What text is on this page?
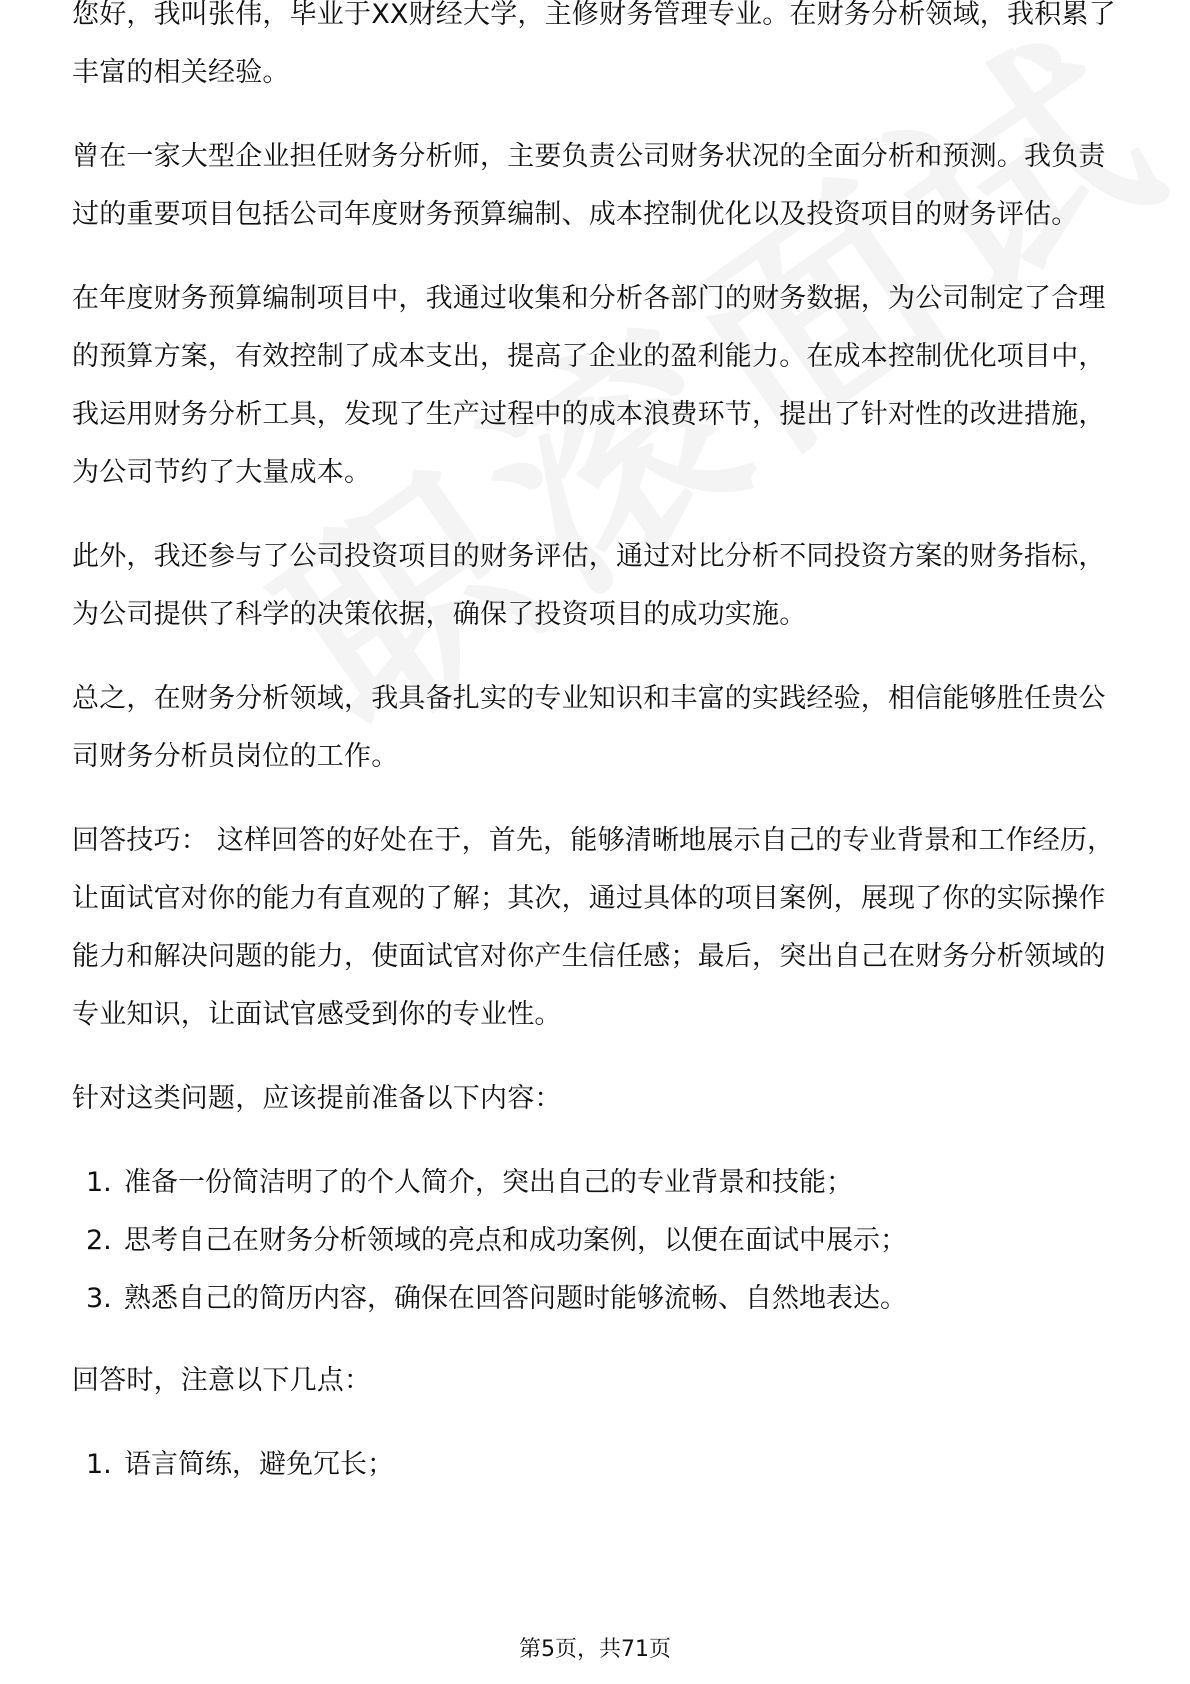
您好，我叫张伟，毕业于XX财经大学，主修财务管理专业。在财务分析领域，我积累了丰富的相关经验。

曾在一家大型企业担任财务分析师，主要负责公司财务状况的全面分析和预测。我负责过的重要项目包括公司年度财务预算编制、成本控制优化以及投资项目的财务评估。

在年度财务预算编制项目中，我通过收集和分析各部门的财务数据，为公司制定了合理的预算方案，有效控制了成本支出，提高了企业的盈利能力。在成本控制优化项目中，我运用财务分析工具，发现了生产过程中的成本浪费环节，提出了针对性的改进措施，为公司节约了大量成本。

此外，我还参与了公司投资项目的财务评估，通过对比分析不同投资方案的财务指标，为公司提供了科学的决策依据，确保了投资项目的成功实施。

总之，在财务分析领域，我具备扎实的专业知识和丰富的实践经验，相信能够胜任贵公司财务分析员岗位的工作。

回答技巧： 这样回答的好处在于，首先，能够清晰地展示自己的专业背景和工作经历，让面试官对你的能力有直观的了解；其次，通过具体的项目案例，展现了你的实际操作能力和解决问题的能力，使面试官对你产生信任感；最后，突出自己在财务分析领域的专业知识，让面试官感受到你的专业性。

针对这类问题，应该提前准备以下内容：

1. 准备一份简洁明了的个人简介，突出自己的专业背景和技能；
2. 思考自己在财务分析领域的亮点和成功案例，以便在面试中展示；
3. 熟悉自己的简历内容，确保在回答问题时能够流畅、自然地表达。

回答时，注意以下几点：

1. 语言简练，避免冗长；
第5页，共71页
